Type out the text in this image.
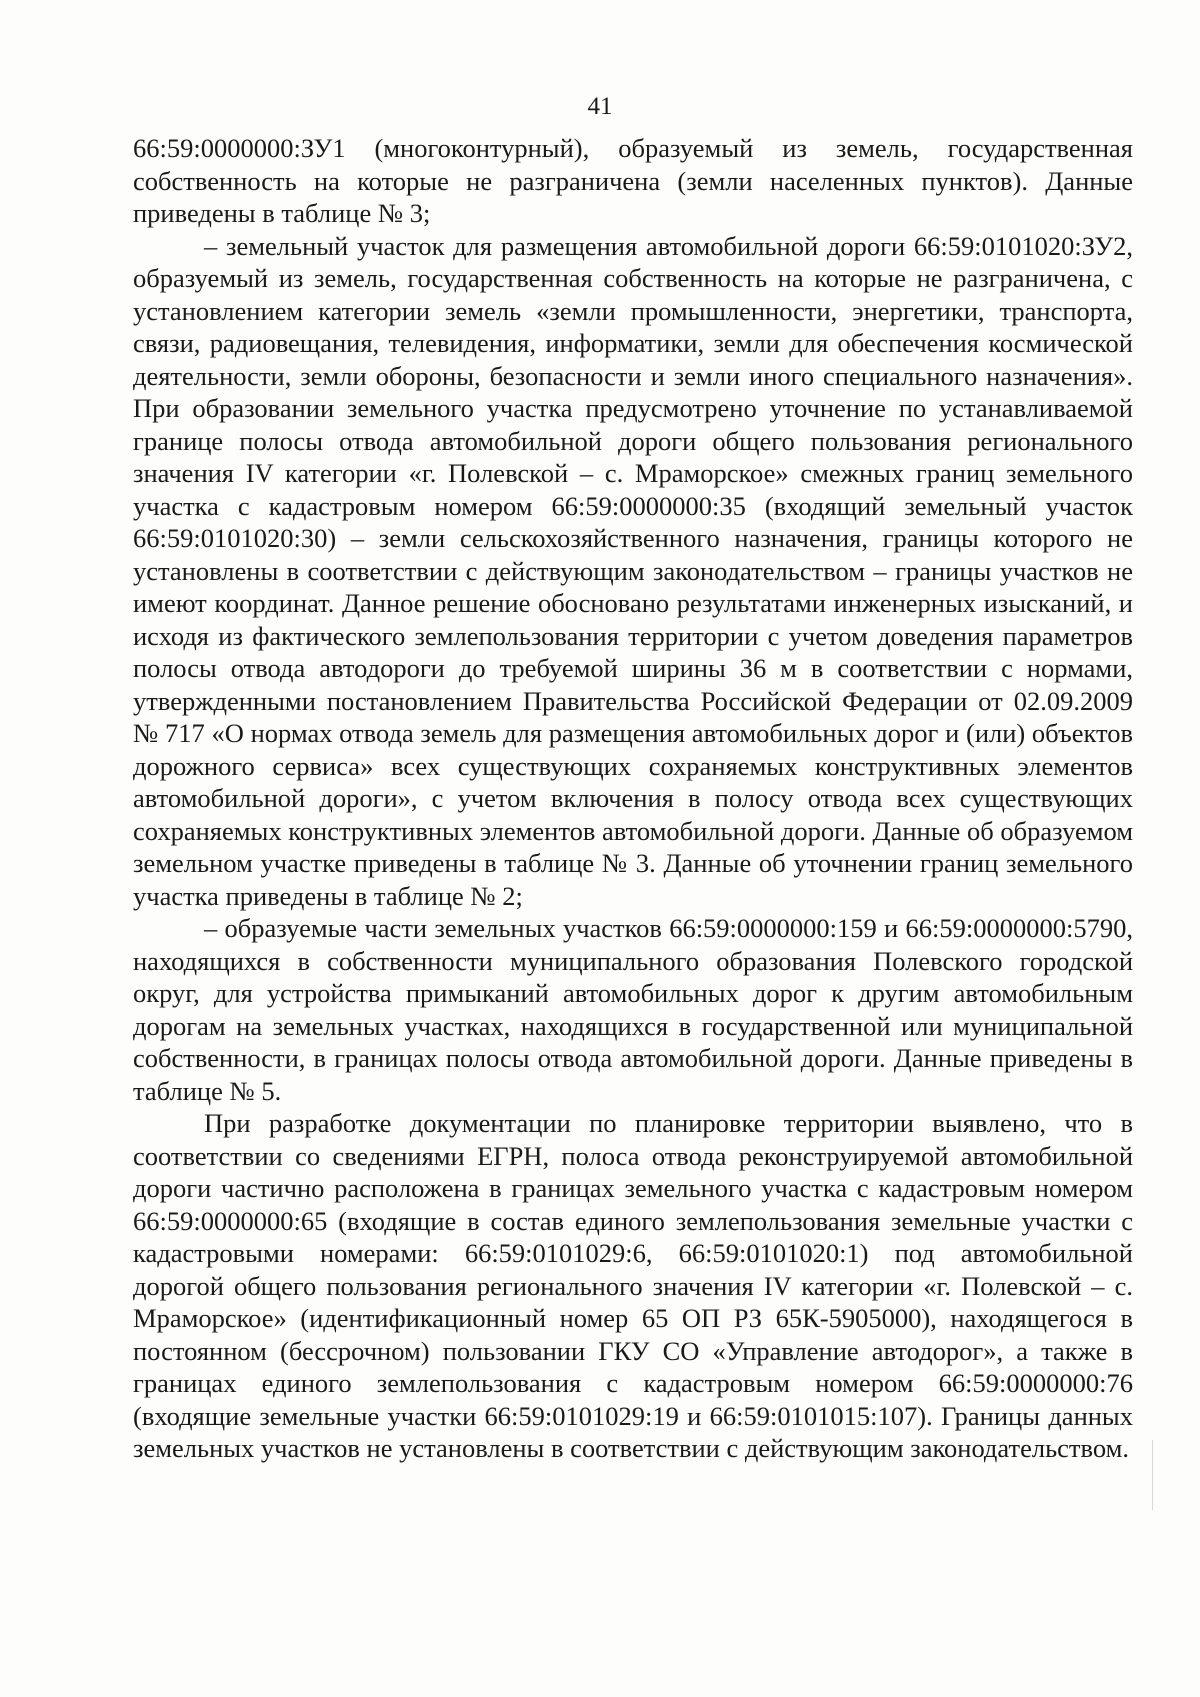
41

66:59:0000000:ЗУ1 (многоконтурный), образуемый из земель, государственная собственность на которые не разграничена (земли населенных пунктов). Данные приведены в таблице № 3;

– земельный участок для размещения автомобильной дороги 66:59:0101020:ЗУ2, образуемый из земель, государственная собственность на которые не разграничена, с установлением категории земель «земли промышленности, энергетики, транспорта, связи, радиовещания, телевидения, информатики, земли для обеспечения космической деятельности, земли обороны, безопасности и земли иного специального назначения». При образовании земельного участка предусмотрено уточнение по устанавливаемой границе полосы отвода автомобильной дороги общего пользования регионального значения IV категории «г. Полевской – с. Мраморское» смежных границ земельного участка с кадастровым номером 66:59:0000000:35 (входящий земельный участок 66:59:0101020:30) – земли сельскохозяйственного назначения, границы которого не установлены в соответствии с действующим законодательством – границы участков не имеют координат. Данное решение обосновано результатами инженерных изысканий, и исходя из фактического землепользования территории с учетом доведения параметров полосы отвода автодороги до требуемой ширины 36 м в соответствии с нормами, утвержденными постановлением Правительства Российской Федерации от 02.09.2009 № 717 «О нормах отвода земель для размещения автомобильных дорог и (или) объектов дорожного сервиса» всех существующих сохраняемых конструктивных элементов автомобильной дороги», с учетом включения в полосу отвода всех существующих сохраняемых конструктивных элементов автомобильной дороги. Данные об образуемом земельном участке приведены в таблице № 3. Данные об уточнении границ земельного участка приведены в таблице № 2;

– образуемые части земельных участков 66:59:0000000:159 и 66:59:0000000:5790, находящихся в собственности муниципального образования Полевского городской округ, для устройства примыканий автомобильных дорог к другим автомобильным дорогам на земельных участках, находящихся в государственной или муниципальной собственности, в границах полосы отвода автомобильной дороги. Данные приведены в таблице № 5.

При разработке документации по планировке территории выявлено, что в соответствии со сведениями ЕГРН, полоса отвода реконструируемой автомобильной дороги частично расположена в границах земельного участка с кадастровым номером 66:59:0000000:65 (входящие в состав единого землепользования земельные участки с кадастровыми номерами: 66:59:0101029:6, 66:59:0101020:1) под автомобильной дорогой общего пользования регионального значения IV категории «г. Полевской – с. Мраморское» (идентификационный номер 65 ОП РЗ 65К-5905000), находящегося в постоянном (бессрочном) пользовании ГКУ СО «Управление автодорог», а также в границах единого землепользования с кадастровым номером 66:59:0000000:76 (входящие земельные участки 66:59:0101029:19 и 66:59:0101015:107). Границы данных земельных участков не установлены в соответствии с действующим законодательством.
